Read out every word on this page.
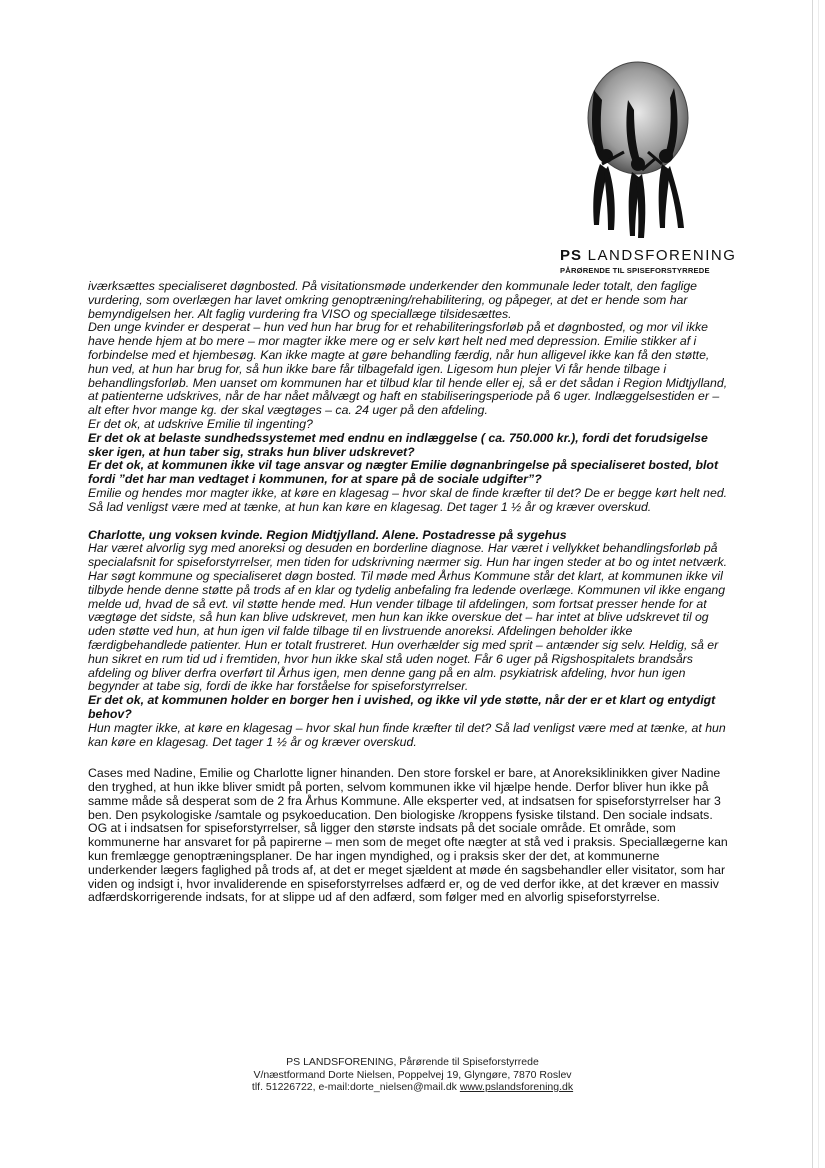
PS LANDSFORENING
PÅRØRENDE TIL SPISEFORSTYRREDE

iværksættes specialiseret døgnbosted. På visitationsmøde underkender den kommunale leder totalt, den faglige vurdering, som overlægen har lavet omkring genoptræning/rehabilitering, og påpeger, at det er hende som har bemyndigelsen her. Alt faglig vurdering fra VISO og speciallæge tilsidesættes.

Den unge kvinder er desperat – hun ved hun har brug for et rehabiliteringsforløb på et døgnbosted, og mor vil ikke have hende hjem at bo mere – mor magter ikke mere og er selv kørt helt ned med depression. Emilie stikker af i forbindelse med et hjembesøg. Kan ikke magte at gøre behandling færdig, når hun alligevel ikke kan få den støtte, hun ved, at hun har brug for, så hun ikke bare får tilbagefald igen. Ligesom hun plejer Vi får hende tilbage i behandlingsforløb. Men uanset om kommunen har et tilbud klar til hende eller ej, så er det sådan i Region Midtjylland, at patienterne udskrives, når de har nået målvægt og haft en stabiliseringsperiode på 6 uger. Indlæggelsestiden er – alt efter hvor mange kg. der skal vægtøges – ca. 24 uger på den afdeling.

Er det ok, at udskrive Emilie til ingenting?

Er det ok at belaste sundhedssystemet med endnu en indlæggelse ( ca. 750.000 kr.), fordi det forudsigelse sker igen, at hun taber sig, straks hun bliver udskrevet?

Er det ok, at kommunen ikke vil tage ansvar og nægter Emilie døgnanbringelse på specialiseret bosted, blot fordi ”det har man vedtaget i kommunen, for at spare på de sociale udgifter”?

Emilie og hendes mor magter ikke, at køre en klagesag – hvor skal de finde kræfter til det? De er begge kørt helt ned. Så lad venligst være med at tænke, at hun kan køre en klagesag. Det tager 1 ½ år og kræver overskud.

Charlotte, ung voksen kvinde. Region Midtjylland. Alene. Postadresse på sygehus

Har været alvorlig syg med anoreksi og desuden en borderline diagnose. Har været i vellykket behandlingsforløb på specialafsnit for spiseforstyrrelser, men tiden for udskrivning nærmer sig. Hun har ingen steder at bo og intet netværk. Har søgt kommune og specialiseret døgn bosted. Til møde med Århus Kommune står det klart, at kommunen ikke vil tilbyde hende denne støtte på trods af en klar og tydelig anbefaling fra ledende overlæge. Kommunen vil ikke engang melde ud, hvad de så evt. vil støtte hende med. Hun vender tilbage til afdelingen, som fortsat presser hende for at vægtøge det sidste, så hun kan blive udskrevet, men hun kan ikke overskue det – har intet at blive udskrevet til og uden støtte ved hun, at hun igen vil falde tilbage til en livstruende anoreksi. Afdelingen beholder ikke færdigbehandlede patienter. Hun er totalt frustreret. Hun overhælder sig med sprit – antænder sig selv. Heldig, så er hun sikret en rum tid ud i fremtiden, hvor hun ikke skal stå uden noget. Får 6 uger på Rigshospitalets brandsårs afdeling og bliver derfra overført til Århus igen, men denne gang på en alm. psykiatrisk afdeling, hvor hun igen begynder at tabe sig, fordi de ikke har forståelse for spiseforstyrrelser.

Er det ok, at kommunen holder en borger hen i uvished, og ikke vil yde støtte, når der er et klart og entydigt behov?

Hun magter ikke, at køre en klagesag – hvor skal hun finde kræfter til det? Så lad venligst være med at tænke, at hun kan køre en klagesag. Det tager 1 ½ år og kræver overskud.

Cases med Nadine, Emilie og Charlotte ligner hinanden. Den store forskel er bare, at Anoreksiklinikken giver Nadine den tryghed, at hun ikke bliver smidt på porten, selvom kommunen ikke vil hjælpe hende. Derfor bliver hun ikke på samme måde så desperat som de 2 fra Århus Kommune. Alle eksperter ved, at indsatsen for spiseforstyrrelser har 3 ben. Den psykologiske /samtale og psykoeducation. Den biologiske /kroppens fysiske tilstand. Den sociale indsats. OG at i indsatsen for spiseforstyrrelser, så ligger den største indsats på det sociale område. Et område, som kommunerne har ansvaret for på papirerne – men som de meget ofte nægter at stå ved i praksis. Speciallægerne kan kun fremlægge genoptræningsplaner. De har ingen myndighed, og i praksis sker der det, at kommunerne underkender lægers faglighed på trods af, at det er meget sjældent at møde én sagsbehandler eller visitator, som har viden og indsigt i, hvor invaliderende en spiseforstyrrelses adfærd er, og de ved derfor ikke, at det kræver en massiv adfærdskorrigerende indsats, for at slippe ud af den adfærd, som følger med en alvorlig spiseforstyrrelse.

PS LANDSFORENING, Pårørende til Spiseforstyrrede
V/næstformand Dorte Nielsen, Poppelvej 19, Glyngøre, 7870 Roslev
tlf. 51226722, e-mail:dorte_nielsen@mail.dk www.pslandsforening.dk
